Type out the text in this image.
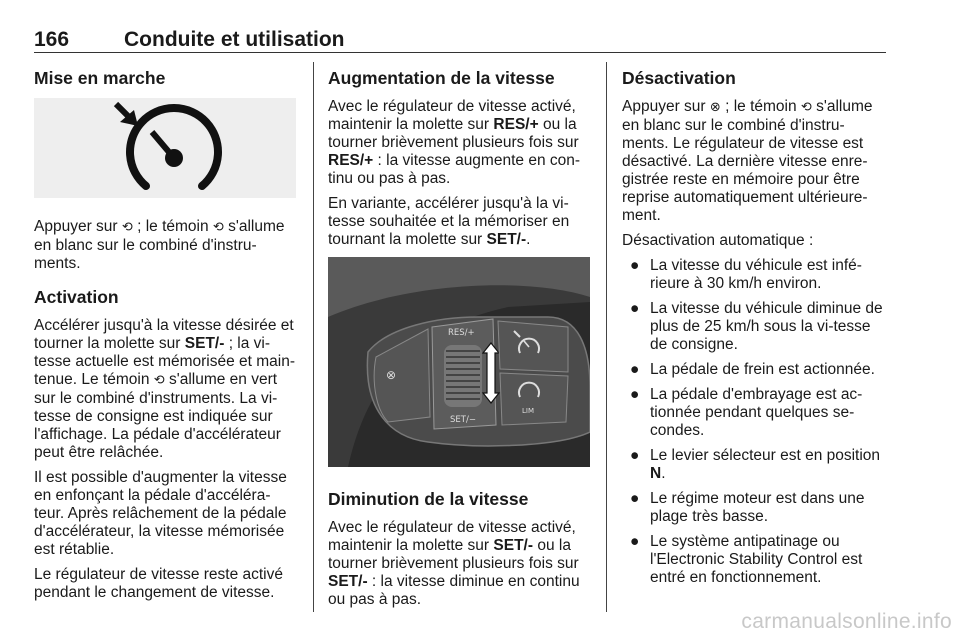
166	Conduite et utilisation
Mise en marche

Appuyer sur ⟲ ; le témoin ⟲ s'allume en blanc sur le combiné d'instru-ments.

Activation

Accélérer jusqu'à la vitesse désirée et tourner la molette sur SET/- ; la vi-tesse actuelle est mémorisée et main-tenue. Le témoin ⟲ s'allume en vert sur le combiné d'instruments. La vi-tesse de consigne est indiquée sur l'affichage. La pédale d'accélérateur peut être relâchée.

Il est possible d'augmenter la vitesse en enfonçant la pédale d'accéléra-teur. Après relâchement de la pédale d'accélérateur, la vitesse mémorisée est rétablie.

Le régulateur de vitesse reste activé pendant le changement de vitesse.

Augmentation de la vitesse

Avec le régulateur de vitesse activé, maintenir la molette sur RES/+ ou la tourner brièvement plusieurs fois sur RES/+ : la vitesse augmente en con-tinu ou pas à pas.

En variante, accélérer jusqu'à la vi-tesse souhaitée et la mémoriser en tournant la molette sur SET/-.

⊗
RES/+
SET/−
LIM
Diminution de la vitesse

Avec le régulateur de vitesse activé, maintenir la molette sur SET/- ou la tourner brièvement plusieurs fois sur SET/- : la vitesse diminue en continu ou pas à pas.

Désactivation

Appuyer sur ⊗ ; le témoin ⟲ s'allume en blanc sur le combiné d'instru-ments. Le régulateur de vitesse est désactivé. La dernière vitesse enre-gistrée reste en mémoire pour être reprise automatiquement ultérieure-ment.

Désactivation automatique :

● La vitesse du véhicule est infé-rieure à 30 km/h environ.
● La vitesse du véhicule diminue de plus de 25 km/h sous la vi-tesse de consigne.
● La pédale de frein est actionnée.
● La pédale d'embrayage est ac-tionnée pendant quelques se-condes.
● Le levier sélecteur est en position N.
● Le régime moteur est dans une plage très basse.
● Le système antipatinage ou l'Electronic Stability Control est entré en fonctionnement.
carmanualsonline.info
